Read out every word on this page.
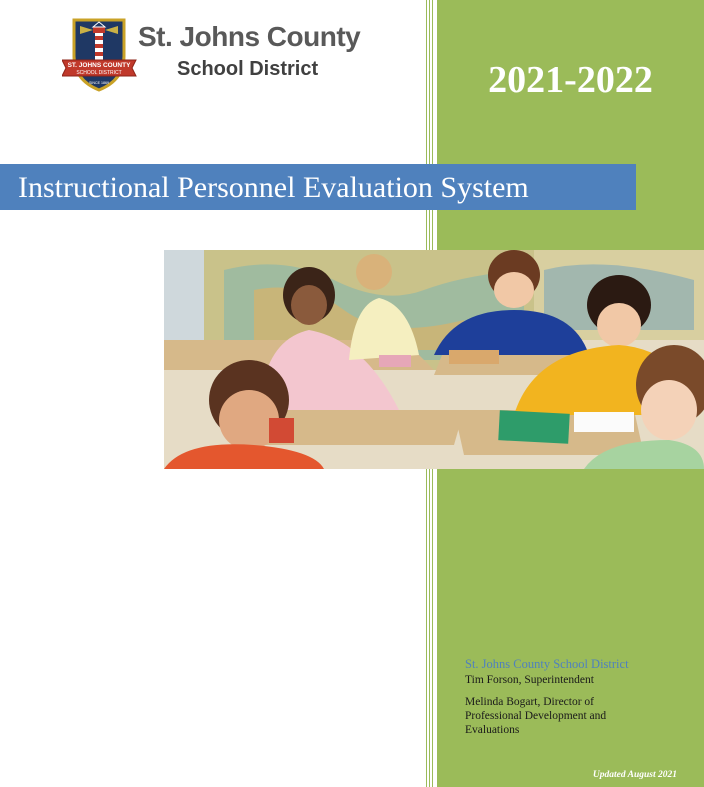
ST. JOHNS COUNTY
SCHOOL DISTRICT
SINCE 1869
St. Johns County
School District	2021-2022
Instructional Personnel Evaluation System

St. Johns County School District

Tim Forson, Superintendent

Melinda Bogart, Director of

Professional Development and

Evaluations

Updated August 2021
